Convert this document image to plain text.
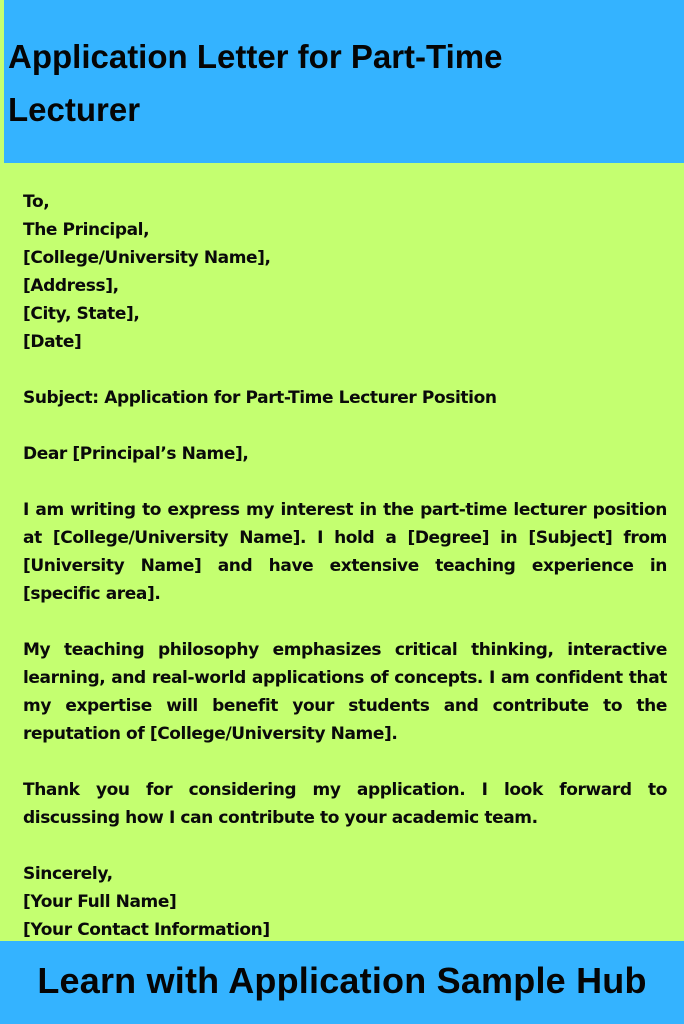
Application Letter for Part-Time Lecturer
To,
The Principal,
[College/University Name],
[Address],
[City, State],
[Date]

Subject: Application for Part-Time Lecturer Position

Dear [Principal’s Name],

I am writing to express my interest in the part-time lecturer position at [College/University Name]. I hold a [Degree] in [Subject] from [University Name] and have extensive teaching experience in [specific area].

My teaching philosophy emphasizes critical thinking, interactive learning, and real-world applications of concepts. I am confident that my expertise will benefit your students and contribute to the reputation of [College/University Name].

Thank you for considering my application. I look forward to discussing how I can contribute to your academic team.

Sincerely,
[Your Full Name]
[Your Contact Information]
Learn with Application Sample Hub
